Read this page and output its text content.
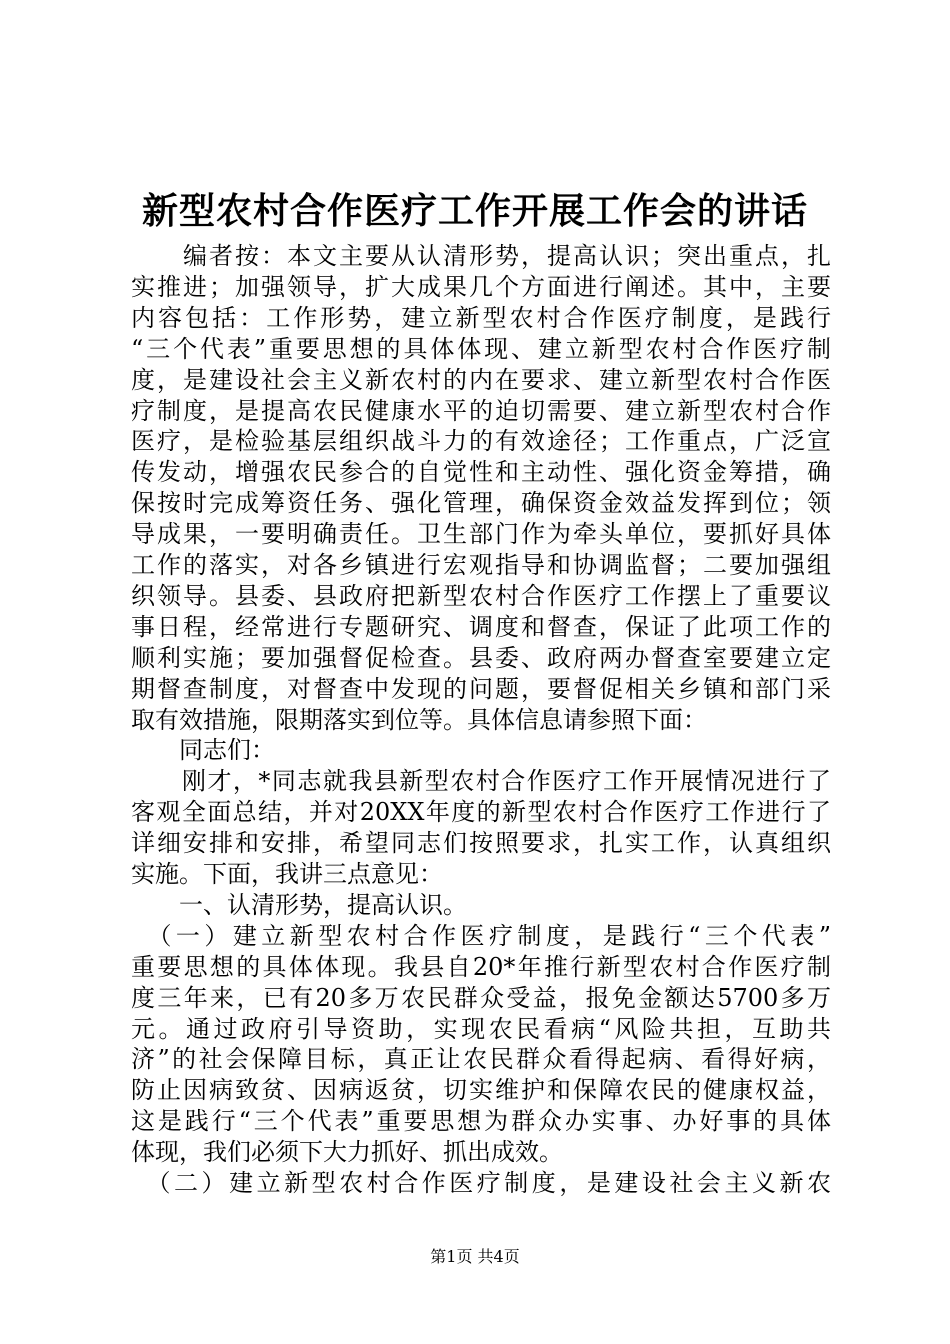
新型农村合作医疗工作开展工作会的讲话
　　编者按：本文主要从认清形势，提高认识；突出重点，扎
实推进；加强领导，扩大成果几个方面进行阐述。其中，主要
内容包括：工作形势，建立新型农村合作医疗制度，是践行
“三个代表”重要思想的具体体现、建立新型农村合作医疗制
度，是建设社会主义新农村的内在要求、建立新型农村合作医
疗制度，是提高农民健康水平的迫切需要、建立新型农村合作
医疗，是检验基层组织战斗力的有效途径；工作重点，广泛宣
传发动，增强农民参合的自觉性和主动性、强化资金筹措，确
保按时完成筹资任务、强化管理，确保资金效益发挥到位；领
导成果，一要明确责任。卫生部门作为牵头单位，要抓好具体
工作的落实，对各乡镇进行宏观指导和协调监督；二要加强组
织领导。县委、县政府把新型农村合作医疗工作摆上了重要议
事日程，经常进行专题研究、调度和督查，保证了此项工作的
顺利实施；要加强督促检查。县委、政府两办督查室要建立定
期督查制度，对督查中发现的问题，要督促相关乡镇和部门采
取有效措施，限期落实到位等。具体信息请参照下面：
　　同志们：
　　刚才，*同志就我县新型农村合作医疗工作开展情况进行了
客观全面总结，并对20XX年度的新型农村合作医疗工作进行了
详细安排和安排，希望同志们按照要求，扎实工作，认真组织
实施。下面，我讲三点意见：
　　一、认清形势，提高认识。
　（一）建立新型农村合作医疗制度，是践行“三个代表”
重要思想的具体体现。我县自20*年推行新型农村合作医疗制
度三年来，已有20多万农民群众受益，报免金额达5700多万
元。通过政府引导资助，实现农民看病“风险共担，互助共
济”的社会保障目标，真正让农民群众看得起病、看得好病，
防止因病致贫、因病返贫，切实维护和保障农民的健康权益，
这是践行“三个代表”重要思想为群众办实事、办好事的具体
体现，我们必须下大力抓好、抓出成效。
　（二）建立新型农村合作医疗制度，是建设社会主义新农
第1页 共4页
